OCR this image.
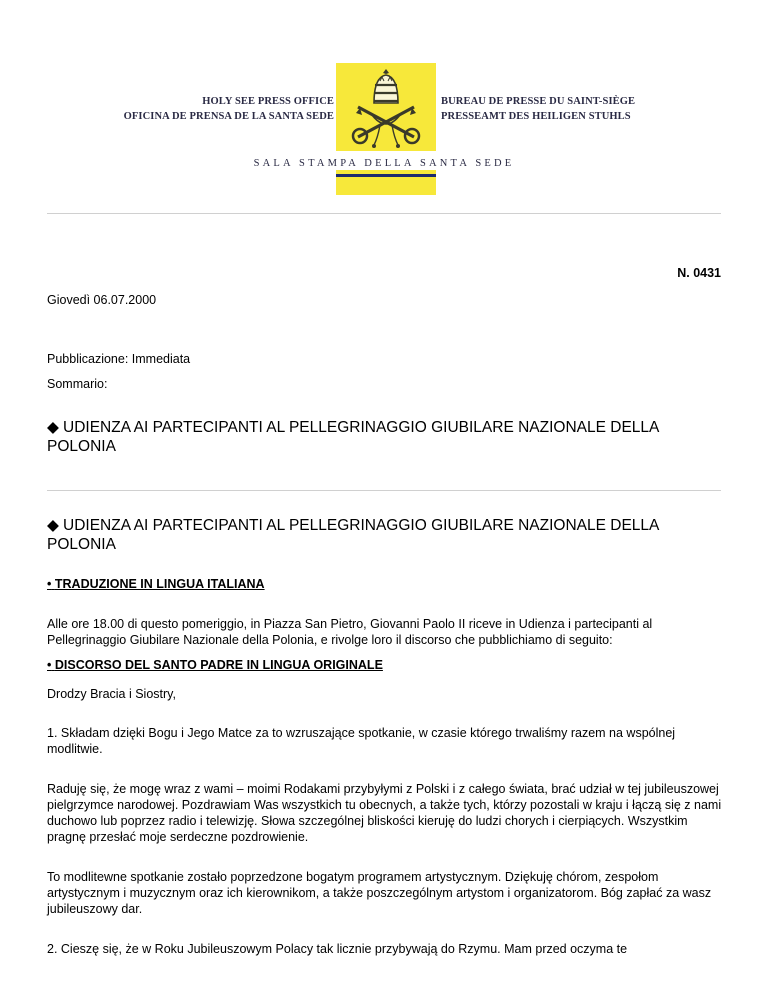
HOLY SEE PRESS OFFICE
OFICINA DE PRENSA DE LA SANTA SEDE
BUREAU DE PRESSE DU SAINT-SIÈGE
PRESSEAMT DES HEILIGEN STUHLS
SALA STAMPA DELLA SANTA SEDE
N. 0431
Giovedì 06.07.2000
Pubblicazione: Immediata
Sommario:
◆ UDIENZA AI PARTECIPANTI AL PELLEGRINAGGIO GIUBILARE NAZIONALE DELLA POLONIA
◆ UDIENZA AI PARTECIPANTI AL PELLEGRINAGGIO GIUBILARE NAZIONALE DELLA POLONIA
• TRADUZIONE IN LINGUA ITALIANA
Alle ore 18.00 di questo pomeriggio, in Piazza San Pietro, Giovanni Paolo II riceve in Udienza i partecipanti al Pellegrinaggio Giubilare Nazionale della Polonia, e rivolge loro il discorso che pubblichiamo di seguito:
• DISCORSO DEL SANTO PADRE IN LINGUA ORIGINALE
Drodzy Bracia i Siostry,
1. Składam dzięki Bogu i Jego Matce za to wzruszające spotkanie, w czasie którego trwaliśmy razem na wspólnej modlitwie.
Raduję się, że mogę wraz z wami – moimi Rodakami przybyłymi z Polski i z całego świata, brać udział w tej jubileuszowej pielgrzymce narodowej. Pozdrawiam Was wszystkich tu obecnych, a także tych, którzy pozostali w kraju i łączą się z nami duchowo lub poprzez radio i telewizję. Słowa szczególnej bliskości kieruję do ludzi chorych i cierpiących. Wszystkim pragnę przesłać moje serdeczne pozdrowienie.
To modlitewne spotkanie zostało poprzedzone bogatym programem artystycznym. Dziękuję chórom, zespołom artystycznym i muzycznym oraz ich kierownikom, a także poszczególnym artystom i organizatorom. Bóg zapłać za wasz jubileuszowy dar.
2. Cieszę się, że w Roku Jubileuszowym Polacy tak licznie przybywają do Rzymu. Mam przed oczyma te
